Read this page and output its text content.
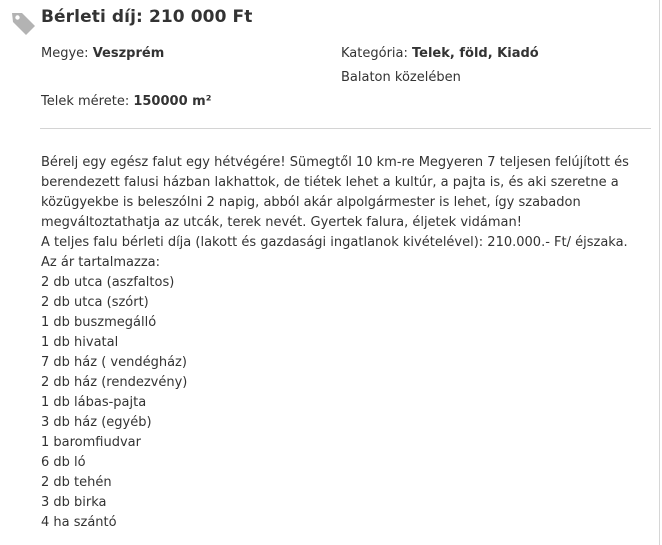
Bérleti díj: 210 000 Ft
Megye: Veszprém	Kategória: Telek, föld, Kiadó
Balaton közelében
Telek mérete: 150000 m²

Bérelj egy egész falut egy hétvégére! Sümegtől 10 km-re Megyeren 7 teljesen felújított és berendezett falusi házban lakhattok, de tiétek lehet a kultúr, a pajta is, és aki szeretne a közügyekbe is beleszólni 2 napig, abból akár alpolgármester is lehet, így szabadon megváltoztathatja az utcák, terek nevét. Gyertek falura, éljetek vidáman!

A teljes falu bérleti díja (lakott és gazdasági ingatlanok kivételével): 210.000.- Ft/ éjszaka.

Az ár tartalmazza:

2 db utca (aszfaltos)
2 db utca (szórt)
1 db buszmegálló
1 db hivatal
7 db ház ( vendégház)
2 db ház (rendezvény)
1 db lábas-pajta
3 db ház (egyéb)
1 baromfiudvar
6 db ló
2 db tehén
3 db birka
4 ha szántó
